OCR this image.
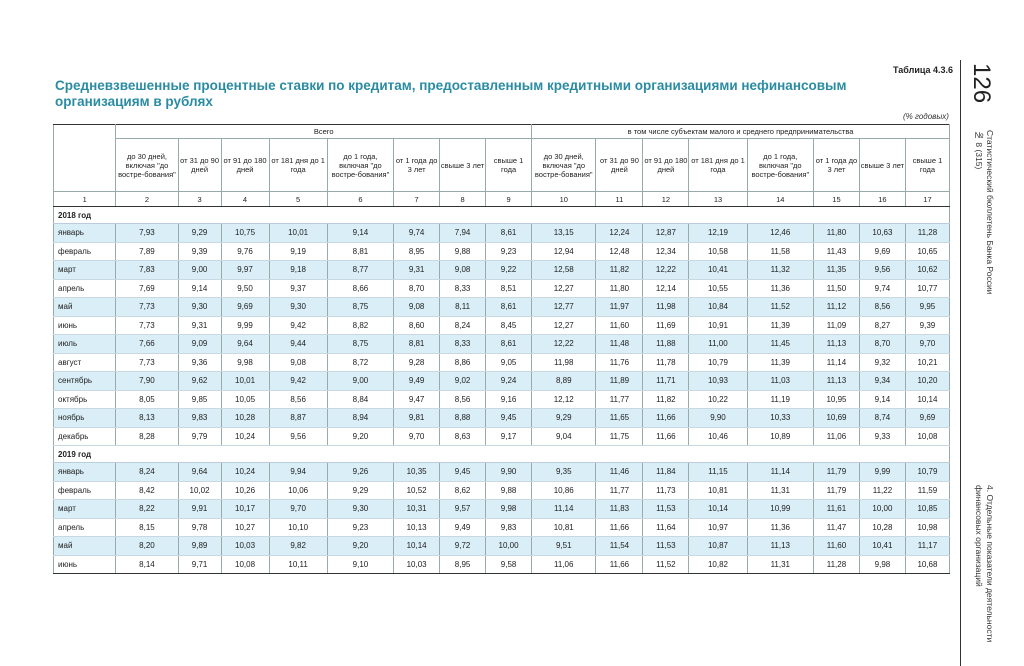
Таблица 4.3.6
Средневзвешенные процентные ставки по кредитам, предоставленным кредитными организациями нефинансовым организациям в рублях
(% годовых)
	Всего								в том числе субъектам малого и среднего предпринимательства							
	до 30 дней, включая "до востре-бования"	от 31 до 90 дней	от 91 до 180 дней	от 181 дня до 1 года	до 1 года, включая "до востре-бования"	от 1 года до 3 лет	свыше 3 лет	свыше 1 года	до 30 дней, включая "до востре-бования"	от 31 до 90 дней	от 91 до 180 дней	от 181 дня до 1 года	до 1 года, включая "до востре-бования"	от 1 года до 3 лет	свыше 3 лет	свыше 1 года
1	2	3	4	5	6	7	8	9	10	11	12	13	14	15	16	17
2018 год																
январь	7,93	9,29	10,75	10,01	9,14	9,74	7,94	8,61	13,15	12,24	12,87	12,19	12,46	11,80	10,63	11,28
февраль	7,89	9,39	9,76	9,19	8,81	8,95	9,88	9,23	12,94	12,48	12,34	10,58	11,58	11,43	9,69	10,65
март	7,83	9,00	9,97	9,18	8,77	9,31	9,08	9,22	12,58	11,82	12,22	10,41	11,32	11,35	9,56	10,62
апрель	7,69	9,14	9,50	9,37	8,66	8,70	8,33	8,51	12,27	11,80	12,14	10,55	11,36	11,50	9,74	10,77
май	7,73	9,30	9,69	9,30	8,75	9,08	8,11	8,61	12,77	11,97	11,98	10,84	11,52	11,12	8,56	9,95
июнь	7,73	9,31	9,99	9,42	8,82	8,60	8,24	8,45	12,27	11,60	11,69	10,91	11,39	11,09	8,27	9,39
июль	7,66	9,09	9,64	9,44	8,75	8,81	8,33	8,61	12,22	11,48	11,88	11,00	11,45	11,13	8,70	9,70
август	7,73	9,36	9,98	9,08	8,72	9,28	8,86	9,05	11,98	11,76	11,78	10,79	11,39	11,14	9,32	10,21
сентябрь	7,90	9,62	10,01	9,42	9,00	9,49	9,02	9,24	8,89	11,89	11,71	10,93	11,03	11,13	9,34	10,20
октябрь	8,05	9,85	10,05	8,56	8,84	9,47	8,56	9,16	12,12	11,77	11,82	10,22	11,19	10,95	9,14	10,14
ноябрь	8,13	9,83	10,28	8,87	8,94	9,81	8,88	9,45	9,29	11,65	11,66	9,90	10,33	10,69	8,74	9,69
декабрь	8,28	9,79	10,24	9,56	9,20	9,70	8,63	9,17	9,04	11,75	11,66	10,46	10,89	11,06	9,33	10,08
2019 год																
январь	8,24	9,64	10,24	9,94	9,26	10,35	9,45	9,90	9,35	11,46	11,84	11,15	11,14	11,79	9,99	10,79
февраль	8,42	10,02	10,26	10,06	9,29	10,52	8,62	9,88	10,86	11,77	11,73	10,81	11,31	11,79	11,22	11,59
март	8,22	9,91	10,17	9,70	9,30	10,31	9,57	9,98	11,14	11,83	11,53	10,14	10,99	11,61	10,00	10,85
апрель	8,15	9,78	10,27	10,10	9,23	10,13	9,49	9,83	10,81	11,66	11,64	10,97	11,36	11,47	10,28	10,98
май	8,20	9,89	10,03	9,82	9,20	10,14	9,72	10,00	9,51	11,54	11,53	10,87	11,13	11,60	10,41	11,17
июнь	8,14	9,71	10,08	10,11	9,10	10,03	8,95	9,58	11,06	11,66	11,52	10,82	11,31	11,28	9,98	10,68
126
Статистический бюллетень Банка России
№ 8 (315)
4. Отдельные показатели деятельности
финансовых организаций
